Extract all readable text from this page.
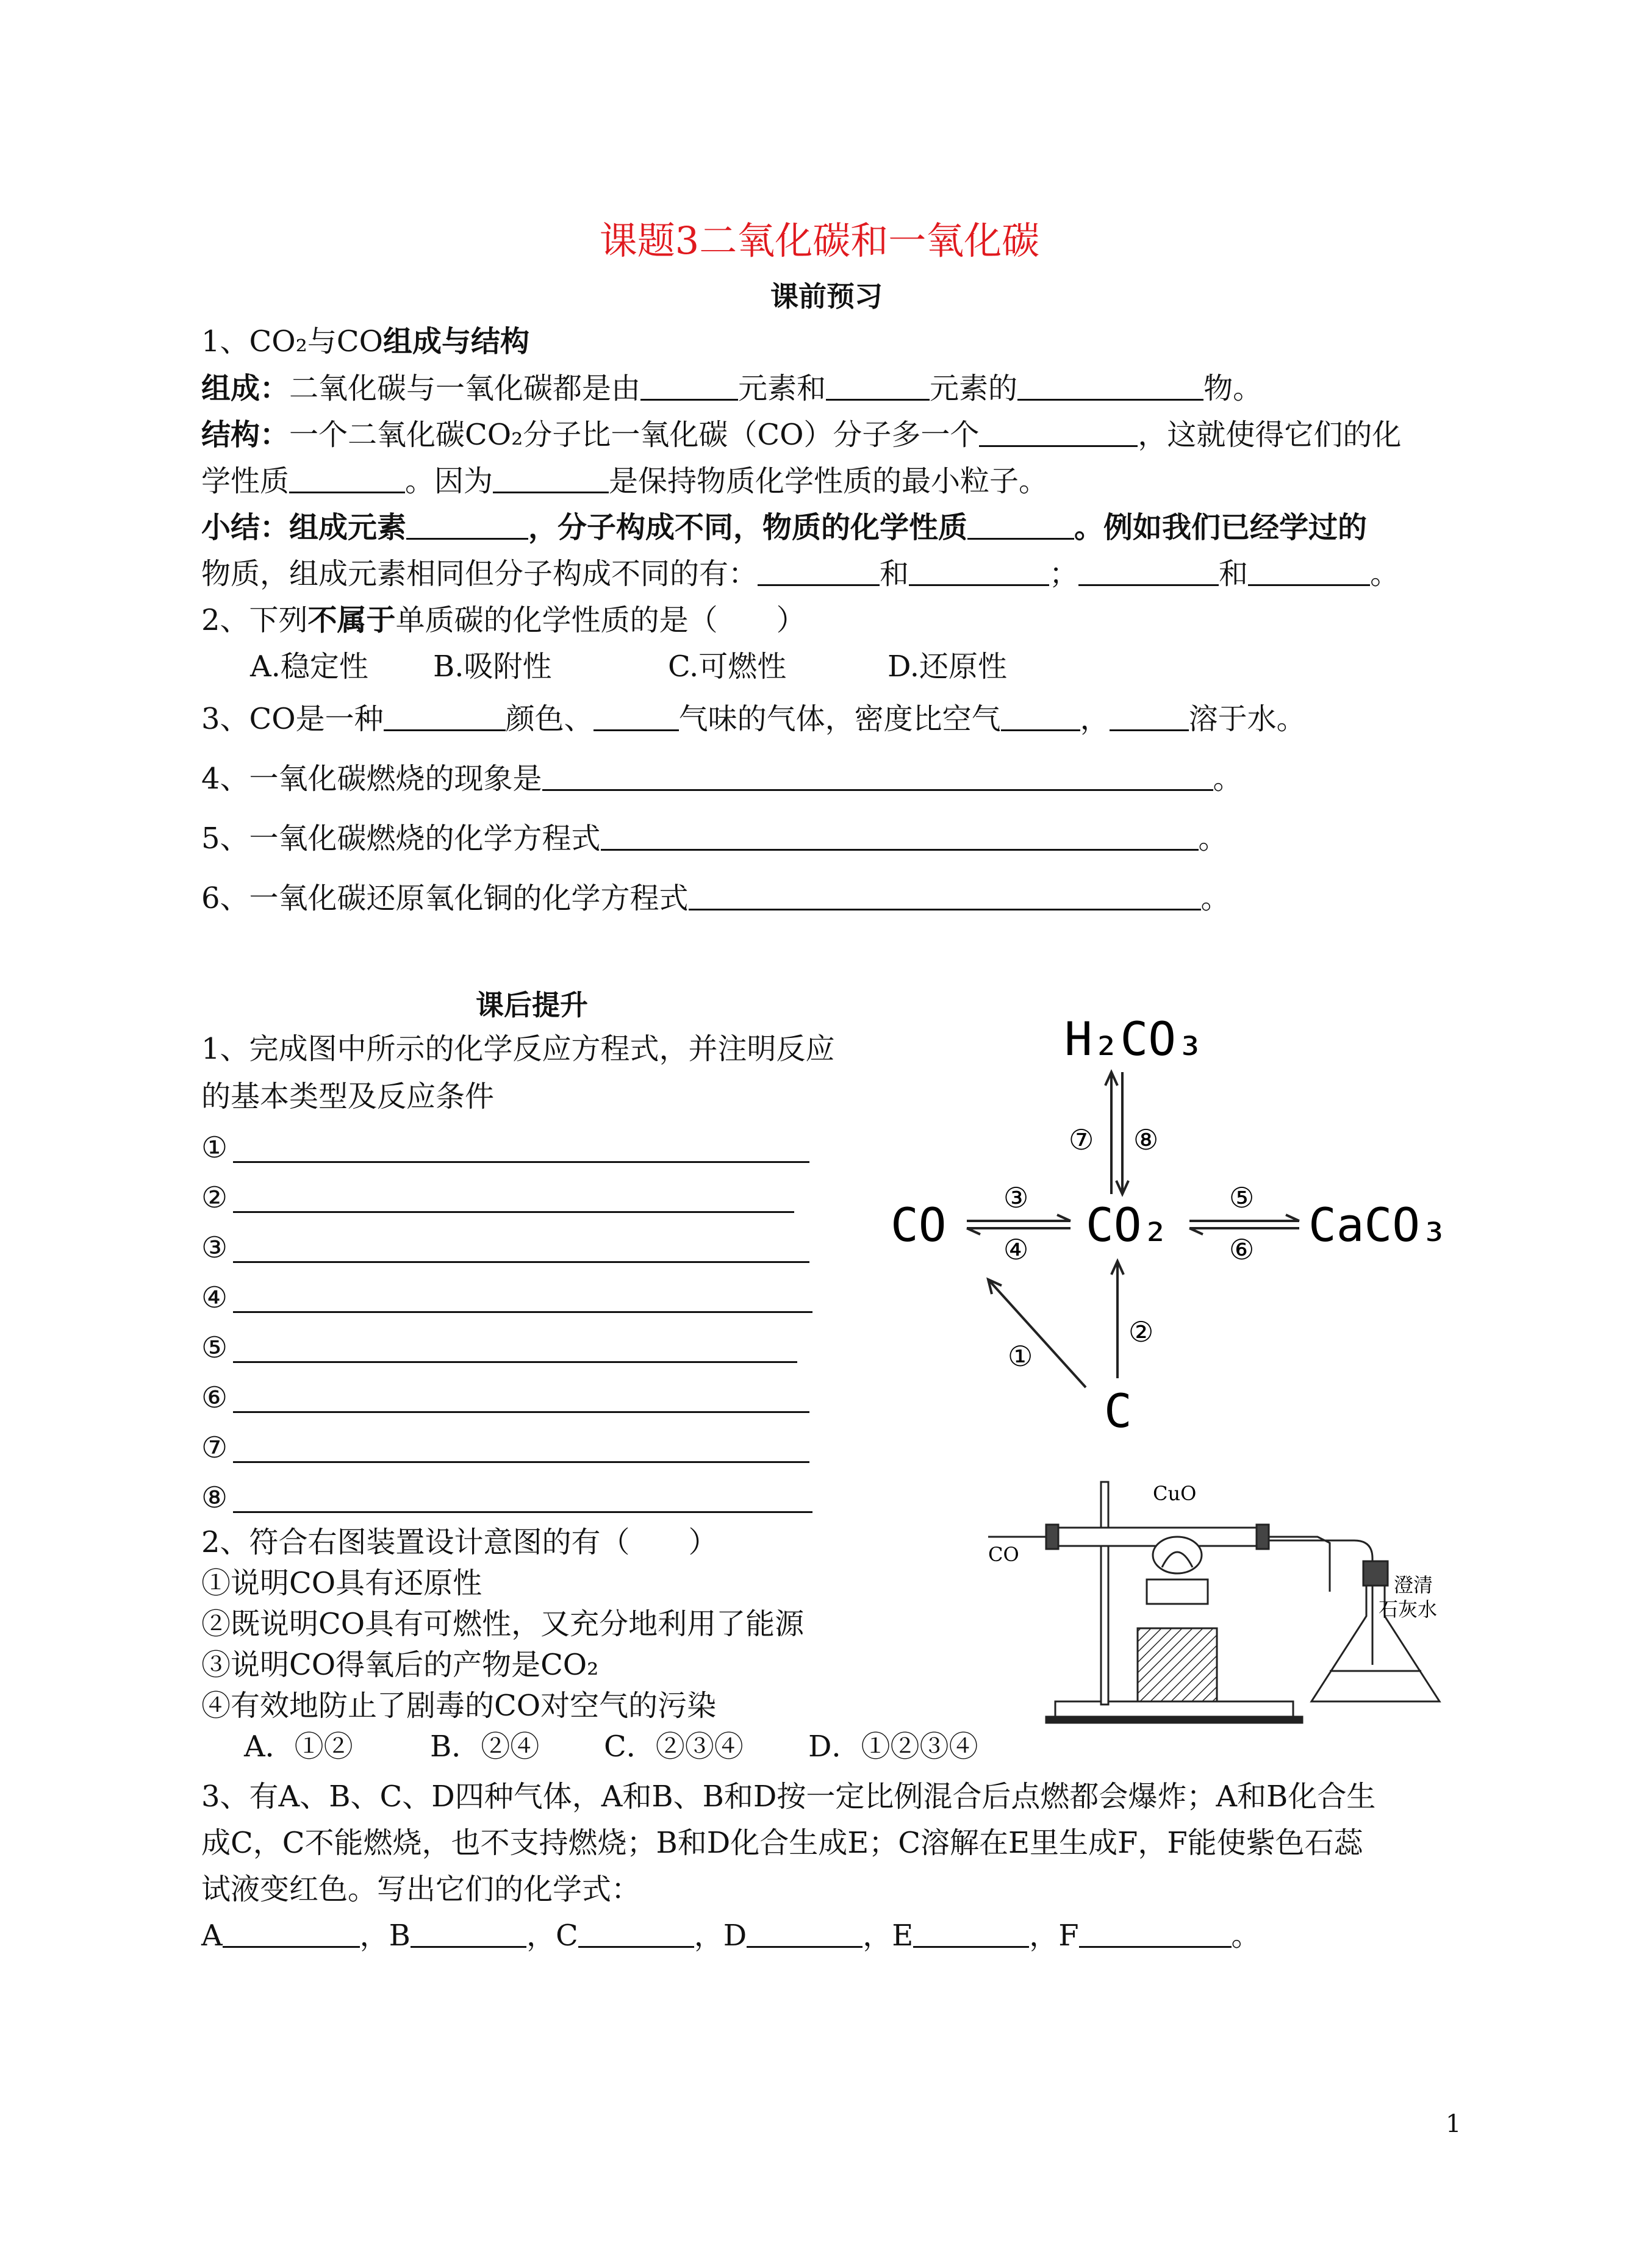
课题3二氧化碳和一氧化碳
课前预习
1、CO₂与CO组成与结构
组成：二氧化碳与一氧化碳都是由	元素和	元素的	物。
结构：一个二氧化碳CO₂分子比一氧化碳（CO）分子多一个	，这就使得它们的化
学性质	。因为	是保持物质化学性质的最小粒子。
小结：组成元素	，分子构成不同，物质的化学性质	。例如我们已经学过的
物质，组成元素相同但分子构成不同的有：	和	；	和	。
2、下列不属于单质碳的化学性质的是（　　）
A.稳定性 B.吸附性	C.可燃性	D.还原性
3、CO是一种	颜色、	气味的气体，密度比空气	，	溶于水。
4、一氧化碳燃烧的现象是	。
5、一氧化碳燃烧的化学方程式	。
6、一氧化碳还原氧化铜的化学方程式	。
课后提升
1、完成图中所示的化学反应方程式，并注明反应
的基本类型及反应条件
①
②
③
④
⑤
⑥
⑦
⑧
H₂CO₃
CO	CO₂	CaCO₃
C
⑦ ⑧
③
④
⑤
⑥
②
①
CuO
CO
澄清
石灰水
2、符合右图装置设计意图的有（　　）
①说明CO具有还原性
②既说明CO具有可燃性，又充分地利用了能源
③说明CO得氧后的产物是CO₂
④有效地防止了剧毒的CO对空气的污染
A．①②	B．②④ C．②③④ D．①②③④
3、有A、B、C、D四种气体，A和B、B和D按一定比例混合后点燃都会爆炸；A和B化合生
成C，C不能燃烧，也不支持燃烧；B和D化合生成E；C溶解在E里生成F，F能使紫色石蕊
试液变红色。写出它们的化学式：
A	，B	，C	，D	，E	，F	。
1
